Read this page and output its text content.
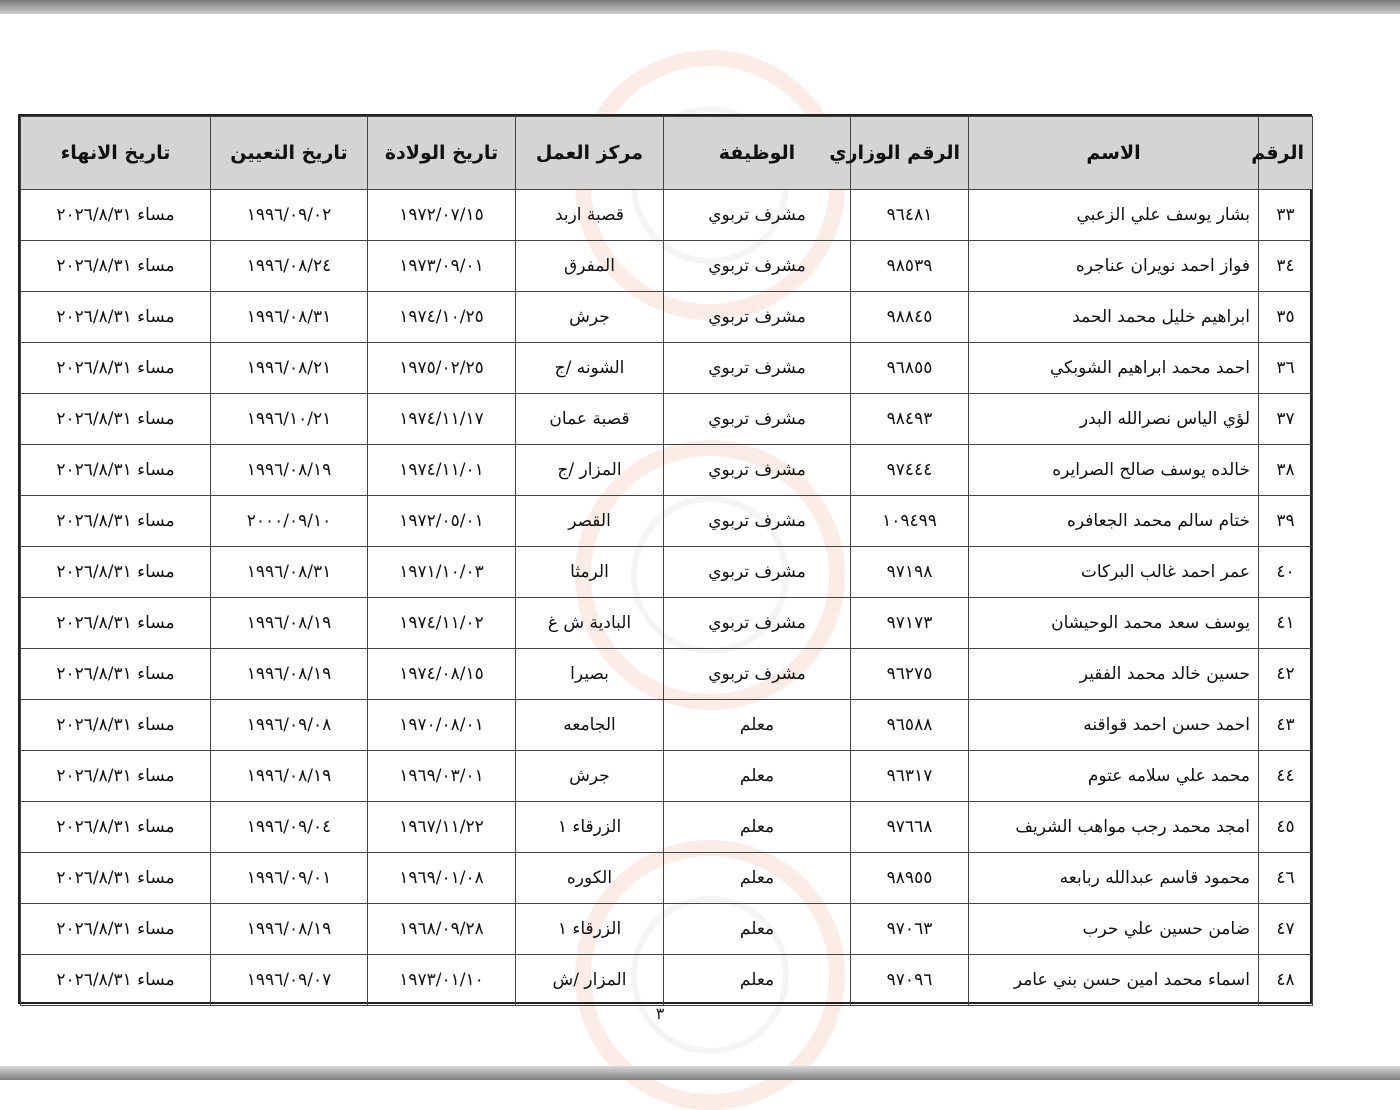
الرقم	الاسم	الرقم الوزاري	الوظيفة	مركز العمل	تاريخ الولادة	تاريخ التعيين	تاريخ الانهاء
٣٣	بشار يوسف علي الزعبي	٩٦٤٨١	مشرف تربوي	قصبة اربد	١٩٧٢/٠٧/١٥	١٩٩٦/٠٩/٠٢	مساء ٢٠٢٦/٨/٣١
٣٤	فواز احمد نويران عناجره	٩٨٥٣٩	مشرف تربوي	المفرق	١٩٧٣/٠٩/٠١	١٩٩٦/٠٨/٢٤	مساء ٢٠٢٦/٨/٣١
٣٥	ابراهيم خليل محمد الحمد	٩٨٨٤٥	مشرف تربوي	جرش	١٩٧٤/١٠/٢٥	١٩٩٦/٠٨/٣١	مساء ٢٠٢٦/٨/٣١
٣٦	احمد محمد ابراهيم الشوبكي	٩٦٨٥٥	مشرف تربوي	الشونه /ج	١٩٧٥/٠٢/٢٥	١٩٩٦/٠٨/٢١	مساء ٢٠٢٦/٨/٣١
٣٧	لؤي الياس نصرالله البدر	٩٨٤٩٣	مشرف تربوي	قصبة عمان	١٩٧٤/١١/١٧	١٩٩٦/١٠/٢١	مساء ٢٠٢٦/٨/٣١
٣٨	خالده يوسف صالح الصرايره	٩٧٤٤٤	مشرف تربوي	المزار /ج	١٩٧٤/١١/٠١	١٩٩٦/٠٨/١٩	مساء ٢٠٢٦/٨/٣١
٣٩	ختام سالم محمد الجعافره	١٠٩٤٩٩	مشرف تربوي	القصر	١٩٧٢/٠٥/٠١	٢٠٠٠/٠٩/١٠	مساء ٢٠٢٦/٨/٣١
٤٠	عمر احمد غالب البركات	٩٧١٩٨	مشرف تربوي	الرمثا	١٩٧١/١٠/٠٣	١٩٩٦/٠٨/٣١	مساء ٢٠٢٦/٨/٣١
٤١	يوسف سعد محمد الوحيشان	٩٧١٧٣	مشرف تربوي	البادية ش غ	١٩٧٤/١١/٠٢	١٩٩٦/٠٨/١٩	مساء ٢٠٢٦/٨/٣١
٤٢	حسين خالد محمد الفقير	٩٦٢٧٥	مشرف تربوي	بصيرا	١٩٧٤/٠٨/١٥	١٩٩٦/٠٨/١٩	مساء ٢٠٢٦/٨/٣١
٤٣	احمد حسن احمد قواقنه	٩٦٥٨٨	معلم	الجامعه	١٩٧٠/٠٨/٠١	١٩٩٦/٠٩/٠٨	مساء ٢٠٢٦/٨/٣١
٤٤	محمد علي سلامه عتوم	٩٦٣١٧	معلم	جرش	١٩٦٩/٠٣/٠١	١٩٩٦/٠٨/١٩	مساء ٢٠٢٦/٨/٣١
٤٥	امجد محمد رجب مواهب الشريف	٩٧٦٦٨	معلم	الزرقاء ١	١٩٦٧/١١/٢٢	١٩٩٦/٠٩/٠٤	مساء ٢٠٢٦/٨/٣١
٤٦	محمود قاسم عبدالله ربابعه	٩٨٩٥٥	معلم	الكوره	١٩٦٩/٠١/٠٨	١٩٩٦/٠٩/٠١	مساء ٢٠٢٦/٨/٣١
٤٧	ضامن حسين علي حرب	٩٧٠٦٣	معلم	الزرقاء ١	١٩٦٨/٠٩/٢٨	١٩٩٦/٠٨/١٩	مساء ٢٠٢٦/٨/٣١
٤٨	اسماء محمد امين حسن بني عامر	٩٧٠٩٦	معلم	المزار /ش	١٩٧٣/٠١/١٠	١٩٩٦/٠٩/٠٧	مساء ٢٠٢٦/٨/٣١
٣
